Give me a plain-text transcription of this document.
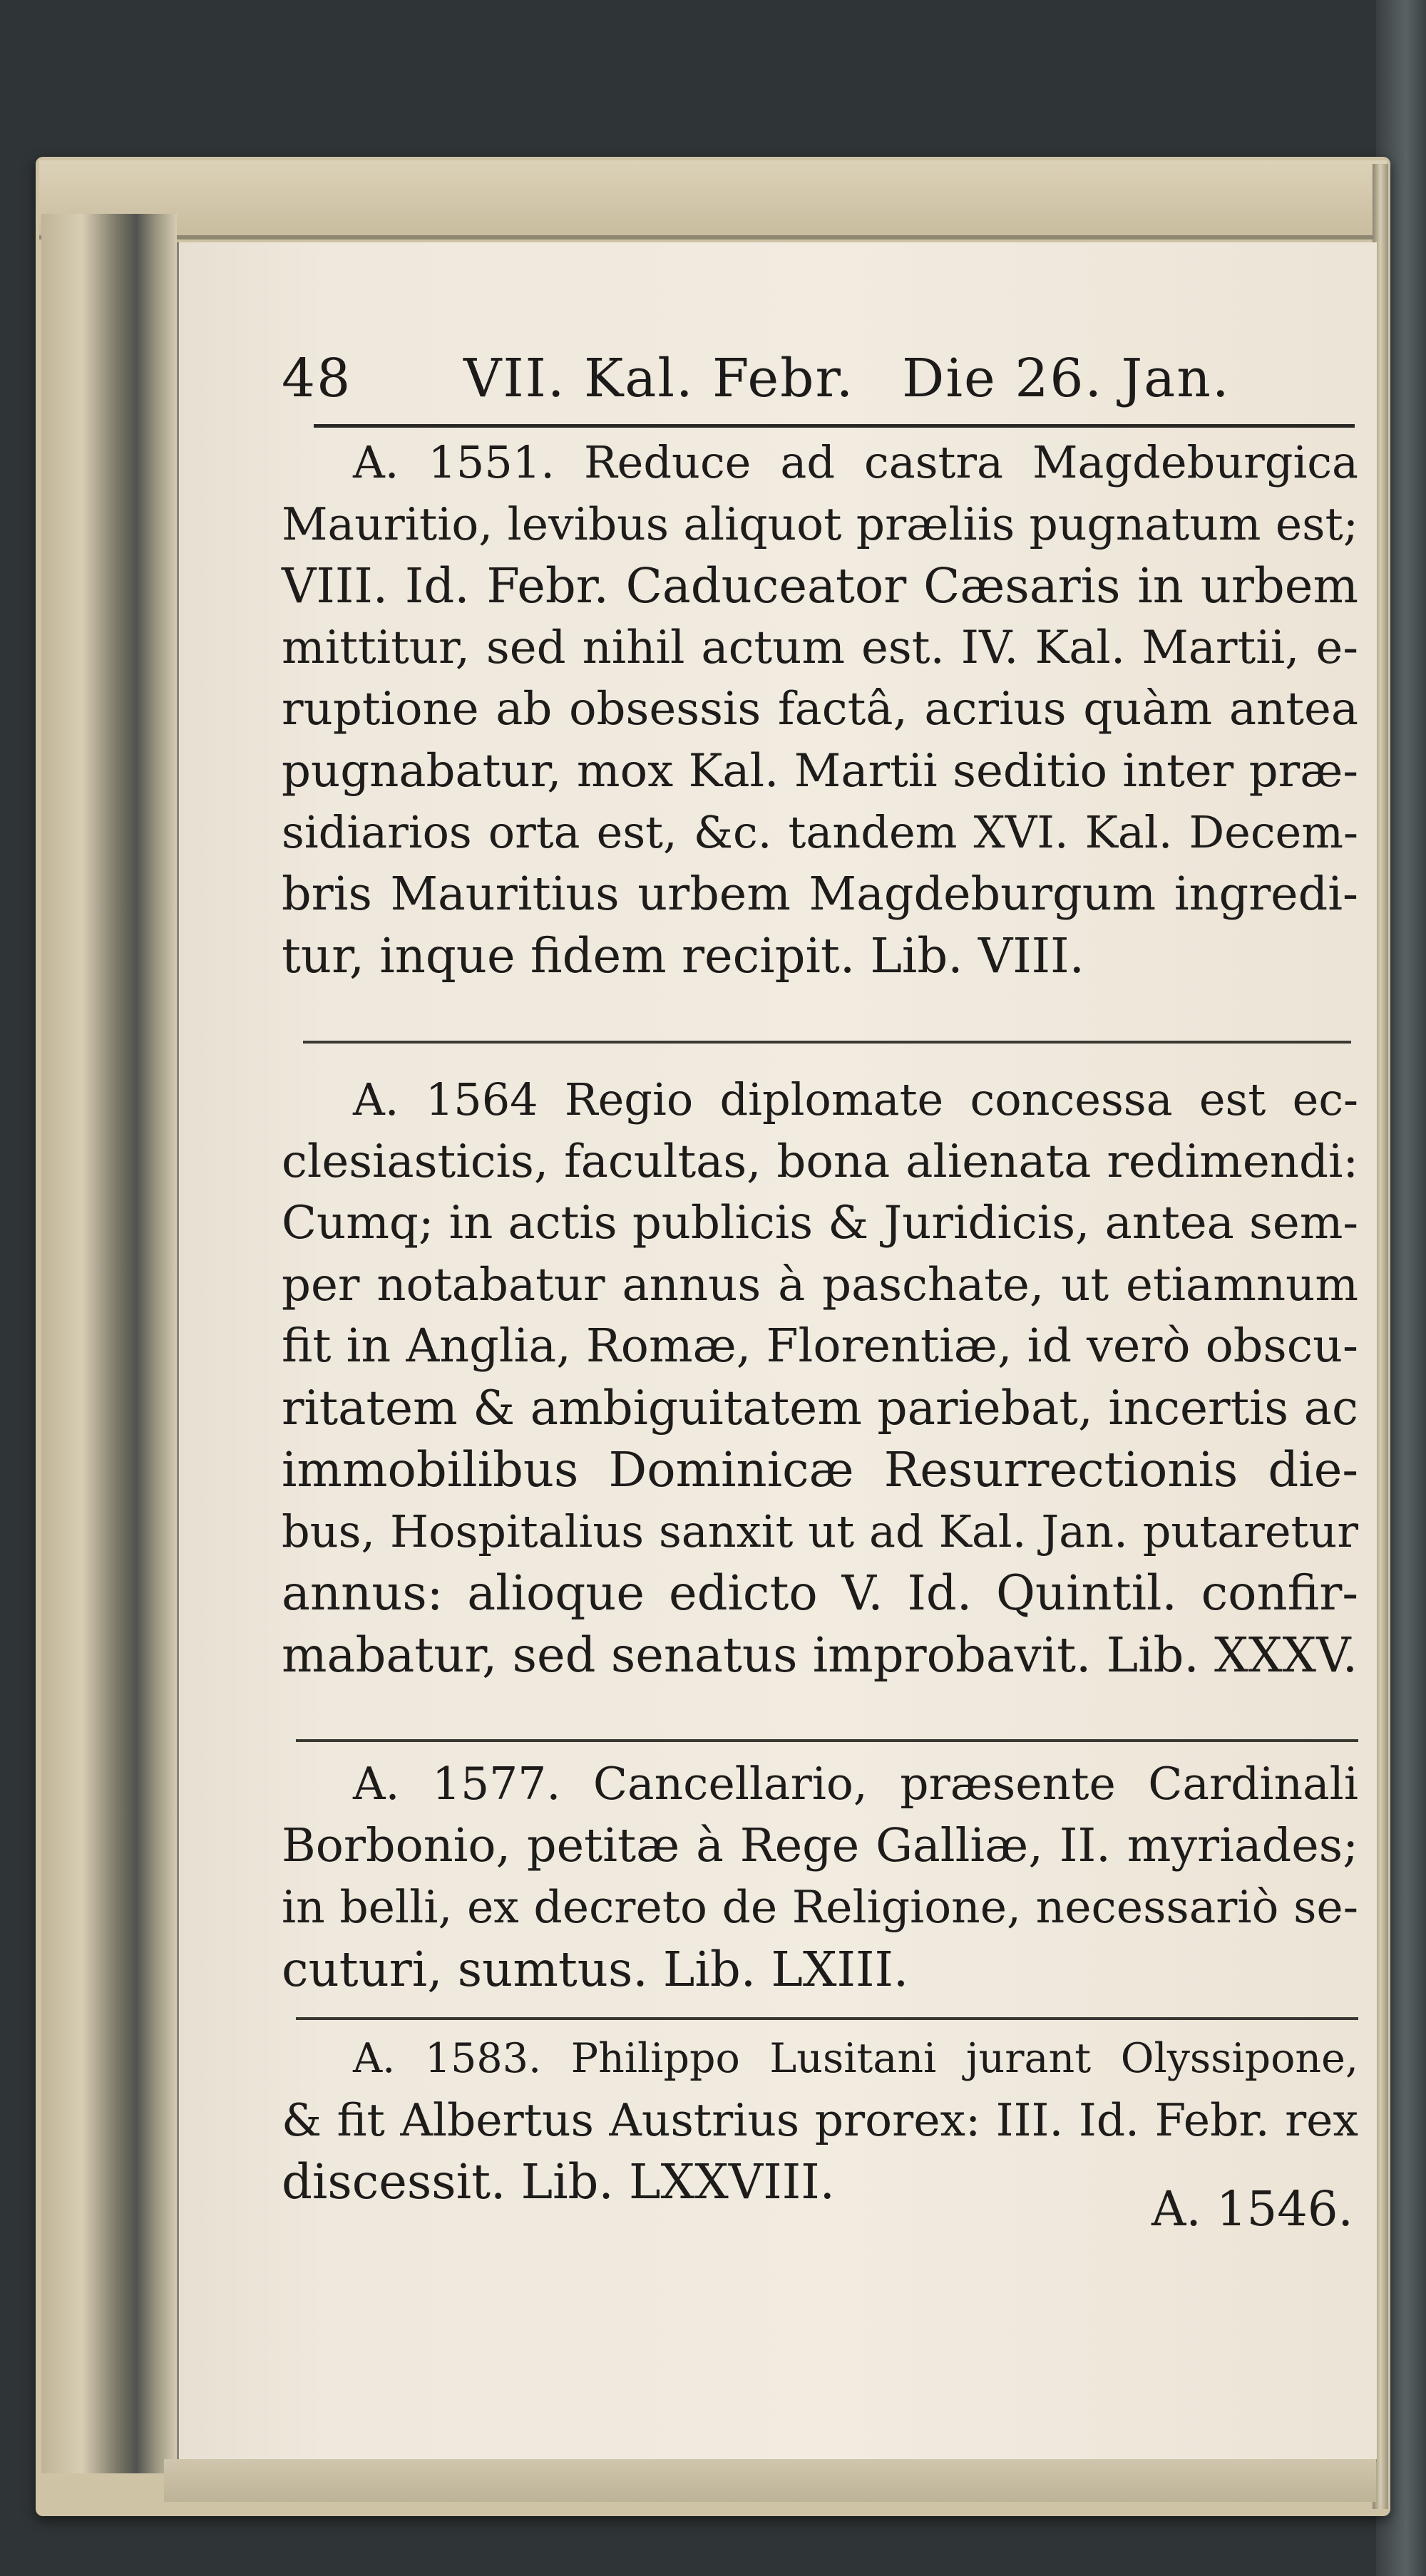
48 VII. Kal. Febr. Die 26. Jan.
A. 1551. Reduce ad castra Magdeburgica
Mauritio, levibus aliquot præliis pugnatum est;
VIII. Id. Febr. Caduceator Cæsaris in urbem
mittitur, sed nihil actum est. IV. Kal. Martii, e-
ruptione ab obsessis factâ, acrius quàm antea
pugnabatur, mox Kal. Martii seditio inter præ-
sidiarios orta est, &c. tandem XVI. Kal. Decem-
bris Mauritius urbem Magdeburgum ingredi-
tur, inque fidem recipit. Lib. VIII.
A. 1564 Regio diplomate concessa est ec-
clesiasticis, facultas, bona alienata redimendi:
Cumq; in actis publicis & Juridicis, antea sem-
per notabatur annus à paschate, ut etiamnum
fit in Anglia, Romæ, Florentiæ, id verò obscu-
ritatem & ambiguitatem pariebat, incertis ac
immobilibus Dominicæ Resurrectionis die-
bus, Hospitalius sanxit ut ad Kal. Jan. putaretur
annus: alioque edicto V. Id. Quintil. confir-
mabatur, sed senatus improbavit. Lib. XXXV.
A. 1577. Cancellario, præsente Cardinali
Borbonio, petitæ à Rege Galliæ, II. myriades;
in belli, ex decreto de Religione, necessariò se-
cuturi, sumtus. Lib. LXIII.
A. 1583. Philippo Lusitani jurant Olyssipone,
& fit Albertus Austrius prorex: III. Id. Febr. rex
discessit. Lib. LXXVIII.	A. 1546.
